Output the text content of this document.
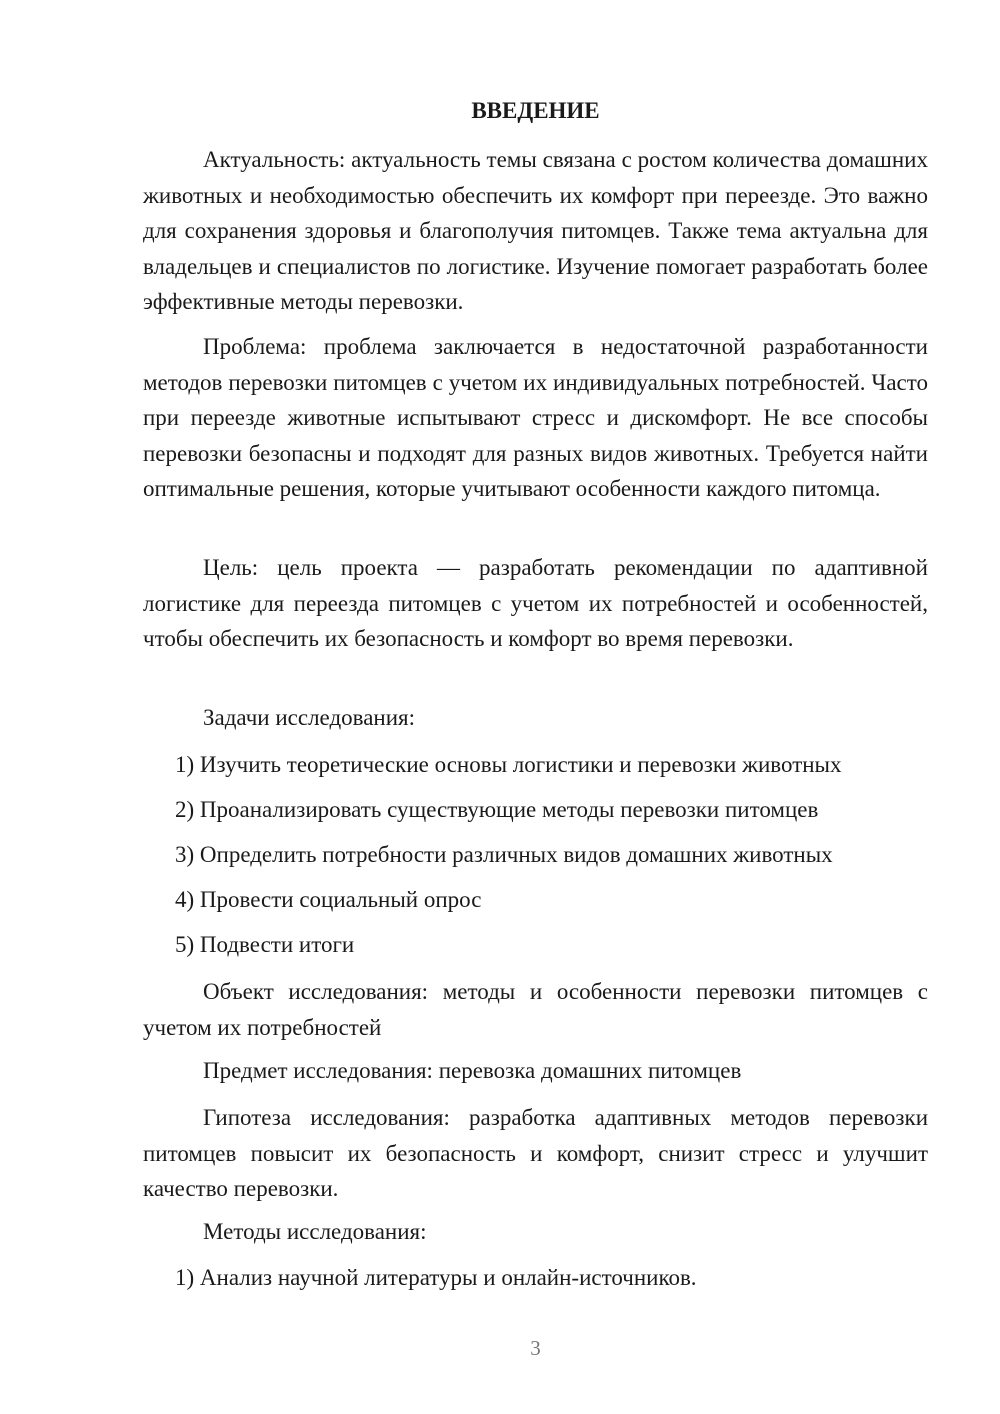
ВВЕДЕНИЕ

Актуальность: актуальность темы связана с ростом количества домашних животных и необходимостью обеспечить их комфорт при переезде. Это важно для сохранения здоровья и благополучия питомцев. Также тема актуальна для владельцев и специалистов по логистике. Изучение помогает разработать более эффективные методы перевозки.

Проблема: проблема заключается в недостаточной разработанности методов перевозки питомцев с учетом их индивидуальных потребностей. Часто при переезде животные испытывают стресс и дискомфорт. Не все способы перевозки безопасны и подходят для разных видов животных. Требуется найти оптимальные решения, которые учитывают особенности каждого питомца.

Цель: цель проекта — разработать рекомендации по адаптивной логистике для переезда питомцев с учетом их потребностей и особенностей, чтобы обеспечить их безопасность и комфорт во время перевозки.

Задачи исследования:

1) Изучить теоретические основы логистики и перевозки животных

2) Проанализировать существующие методы перевозки питомцев

3) Определить потребности различных видов домашних животных

4) Провести социальный опрос

5) Подвести итоги

Объект исследования: методы и особенности перевозки питомцев с учетом их потребностей

Предмет исследования: перевозка домашних питомцев

Гипотеза исследования: разработка адаптивных методов перевозки питомцев повысит их безопасность и комфорт, снизит стресс и улучшит качество перевозки.

Методы исследования:

1) Анализ научной литературы и онлайн-источников.

3
